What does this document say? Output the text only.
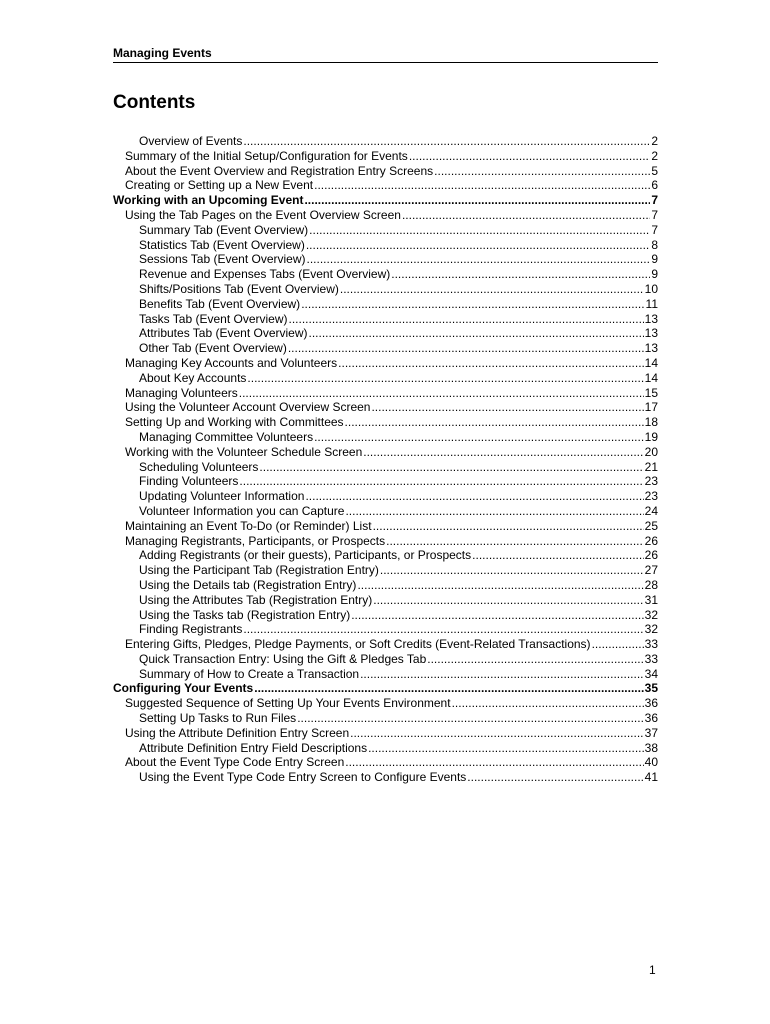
Managing Events
Contents
Overview of Events .....	2
Summary of the Initial Setup/Configuration for Events .....	2
About the Event Overview and Registration Entry Screens .....	5
Creating or Setting up a New Event .....	6
Working with an Upcoming Event .....	7
Using the Tab Pages on the Event Overview Screen .....	7
Summary Tab (Event Overview) .....	7
Statistics Tab (Event Overview) .....	8
Sessions Tab (Event Overview) .....	9
Revenue and Expenses Tabs (Event Overview) .....	9
Shifts/Positions Tab (Event Overview) .....	10
Benefits Tab (Event Overview) .....	11
Tasks Tab (Event Overview) .....	13
Attributes Tab (Event Overview) .....	13
Other Tab (Event Overview) .....	13
Managing Key Accounts and Volunteers .....	14
About Key Accounts .....	14
Managing Volunteers .....	15
Using the Volunteer Account Overview Screen .....	17
Setting Up and Working with Committees .....	18
Managing Committee Volunteers .....	19
Working with the Volunteer Schedule Screen .....	20
Scheduling Volunteers .....	21
Finding Volunteers .....	23
Updating Volunteer Information .....	23
Volunteer Information you can Capture .....	24
Maintaining an Event To-Do (or Reminder) List .....	25
Managing Registrants, Participants, or Prospects .....	26
Adding Registrants (or their guests), Participants, or Prospects .....	26
Using the Participant Tab (Registration Entry) .....	27
Using the Details tab (Registration Entry) .....	28
Using the Attributes Tab (Registration Entry) .....	31
Using the Tasks tab (Registration Entry) .....	32
Finding Registrants .....	32
Entering Gifts, Pledges, Pledge Payments, or Soft Credits (Event-Related Transactions) .....	33
Quick Transaction Entry: Using the Gift & Pledges Tab .....	33
Summary of How to Create a Transaction .....	34
Configuring Your Events .....	35
Suggested Sequence of Setting Up Your Events Environment .....	36
Setting Up Tasks to Run Files .....	36
Using the Attribute Definition Entry Screen .....	37
Attribute Definition Entry Field Descriptions .....	38
About the Event Type Code Entry Screen .....	40
Using the Event Type Code Entry Screen to Configure Events .....	41
1
